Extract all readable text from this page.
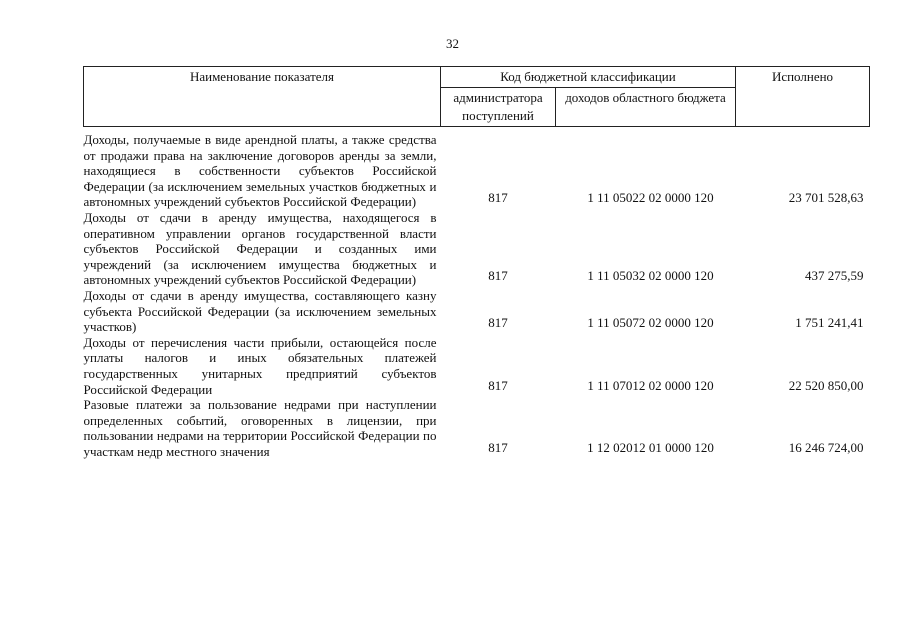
32
Наименование показателя	Код бюджетной классификации		Исполнено
	администратора поступлений	доходов областного бюджета	
Доходы, получаемые в виде арендной платы, а также средства от продажи права на заключение договоров аренды за земли, находящиеся в собственности субъектов Российской Федерации (за исключением земельных участков бюджетных и автономных учреждений субъектов Российской Федерации)	817	1 11 05022 02 0000 120	23 701 528,63
Доходы от сдачи в аренду имущества, находящегося в оперативном управлении органов государственной власти субъектов Российской Федерации и созданных ими учреждений (за исключением имущества бюджетных и автономных учреждений субъектов Российской Федерации)	817	1 11 05032 02 0000 120	437 275,59
Доходы от сдачи в аренду имущества, составляющего казну субъекта Российской Федерации (за исключением земельных участков)	817	1 11 05072 02 0000 120	1 751 241,41
Доходы от перечисления части прибыли, остающейся после уплаты налогов и иных обязательных платежей государственных унитарных предприятий субъектов Российской Федерации	817	1 11 07012 02 0000 120	22 520 850,00
Разовые платежи за пользование недрами при наступлении определенных событий, оговоренных в лицензии, при пользовании недрами на территории Российской Федерации по участкам недр местного значения	817	1 12 02012 01 0000 120	16 246 724,00
